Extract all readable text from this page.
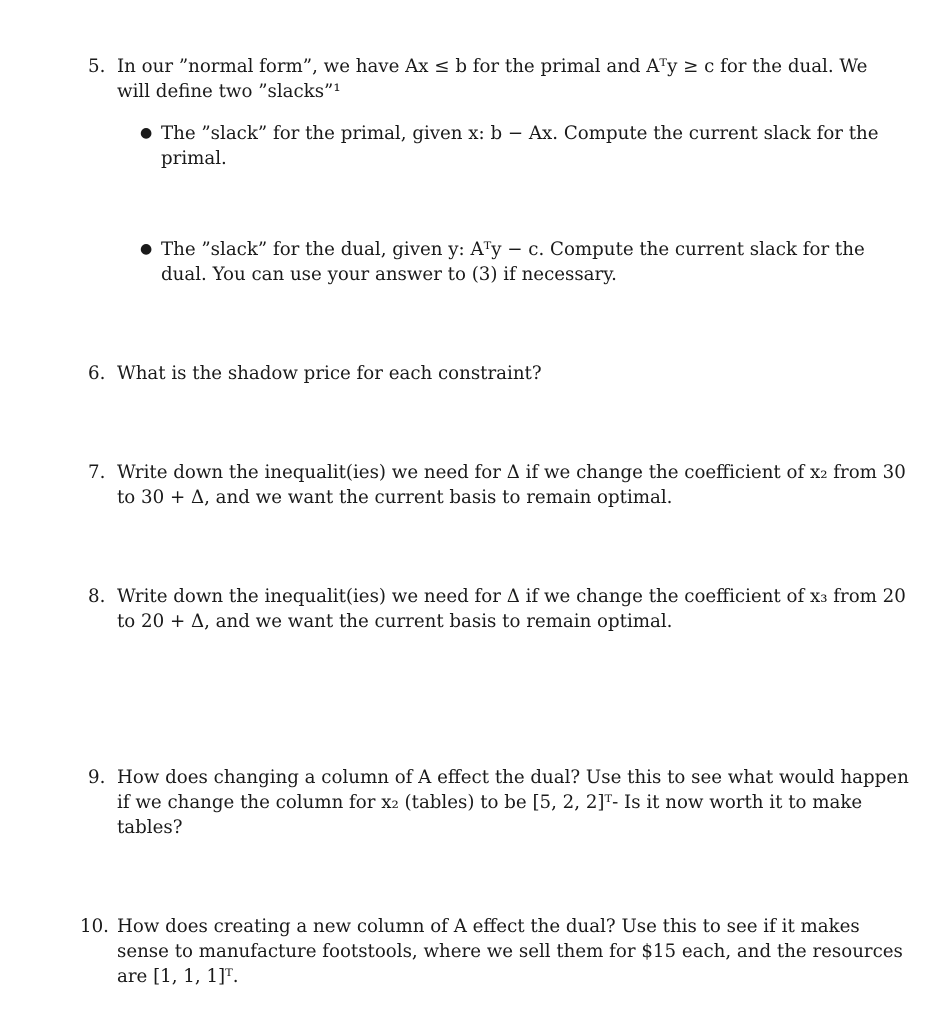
5. In our ”normal form”, we have Ax ≤ b for the primal and Aᵀy ≥ c for the dual. We
will define two ”slacks”¹
● The ”slack” for the primal, given x: b − Ax. Compute the current slack for the
primal.
● The ”slack” for the dual, given y: Aᵀy − c. Compute the current slack for the
dual. You can use your answer to (3) if necessary.
6. What is the shadow price for each constraint?
7. Write down the inequalit(ies) we need for Δ if we change the coefficient of x₂ from 30
to 30 + Δ, and we want the current basis to remain optimal.
8. Write down the inequalit(ies) we need for Δ if we change the coefficient of x₃ from 20
to 20 + Δ, and we want the current basis to remain optimal.
9. How does changing a column of A effect the dual? Use this to see what would happen
if we change the column for x₂ (tables) to be [5, 2, 2]ᵀ- Is it now worth it to make
tables?
10. How does creating a new column of A effect the dual? Use this to see if it makes
sense to manufacture footstools, where we sell them for $15 each, and the resources
are [1, 1, 1]ᵀ.
